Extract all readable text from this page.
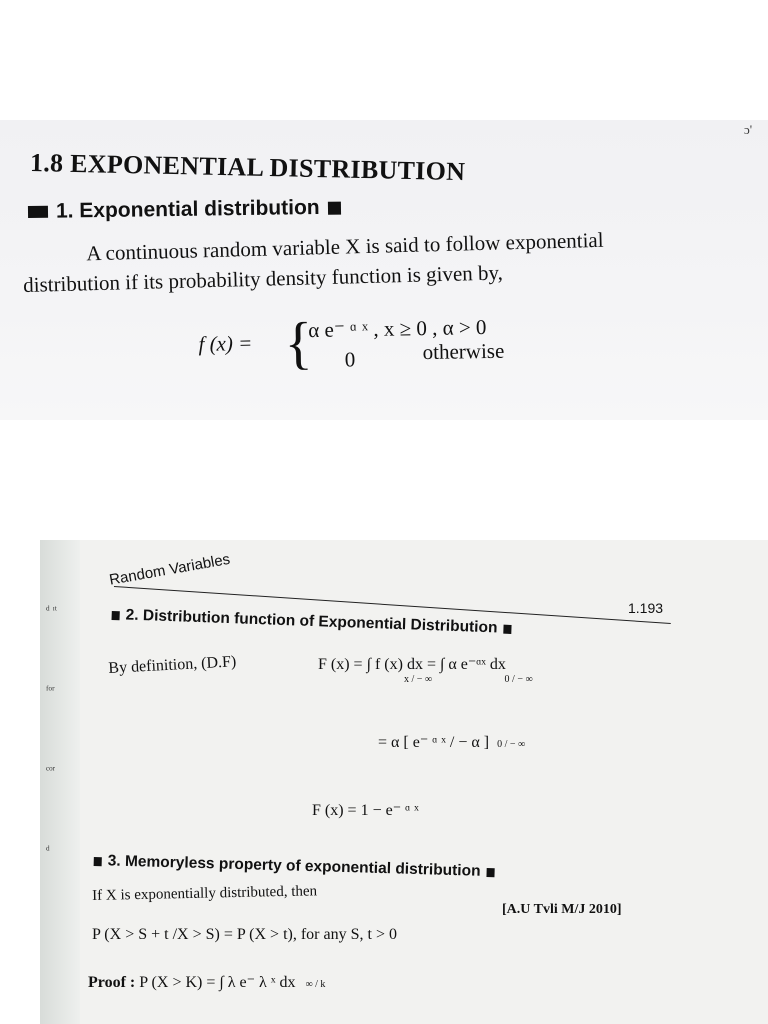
ɔ'
1.8 EXPONENTIAL DISTRIBUTION
1. Exponential distribution
A continuous random variable X is said to follow exponential
distribution if its probability density function is given by,
f (x) = {
α e⁻ ᵅ ˣ , x ≥ 0 , α > 0
0	otherwise
ᵈ ᶦᵗ
ᶠᵒʳ
ᶜᵒʳ
ᵈ
Random Variables
1.193
2. Distribution function of Exponential Distribution
By definition, (D.F)	F (x) = ∫ f (x) dx = ∫ α e⁻ᵅˣ dx
x / − ∞	0 / − ∞
= α [ e⁻ ᵅ ˣ / − α ] 0 / − ∞
F (x) = 1 − e⁻ ᵅ ˣ
3. Memoryless property of exponential distribution
If X is exponentially distributed, then
[A.U Tvli M/J 2010]
P (X > S + t /X > S) = P (X > t), for any S, t > 0
Proof : P (X > K) = ∫ λ e⁻ λ ˣ dx ∞ / k
